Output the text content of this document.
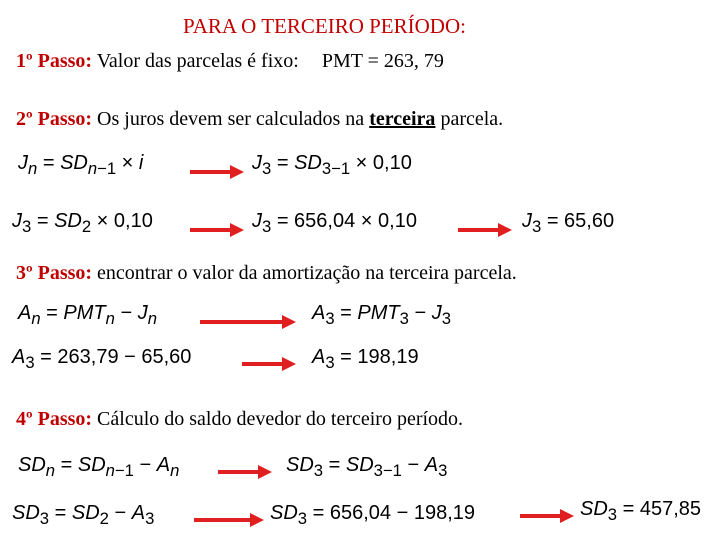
PARA O TERCEIRO PERÍODO:
1º Passo: Valor das parcelas é fixo: PMT = 263, 79
2º Passo: Os juros devem ser calculados na terceira parcela.
$J_n = SD_{n-1} \times i$	$J_3 = SD_{3-1} \times 0,10$
$J_3 = SD_2 \times 0,10$	$J_3 = 656,04 \times 0,10$	$J_3 = 65,60$
3º Passo: encontrar o valor da amortização na terceira parcela.
$A_n = PMT_n - J_n$	$A_3 = PMT_3 - J_3$
$A_3 = 263,79 - 65,60$	$A_3 = 198,19$
4º Passo: Cálculo do saldo devedor do terceiro período.
$SD_n = SD_{n-1} - A_n$	$SD_3 = SD_{3-1} - A_3$
$SD_3 = SD_2 - A_3$	$SD_3 = 656,04 - 198,19$	$SD_3 = 457,85$
